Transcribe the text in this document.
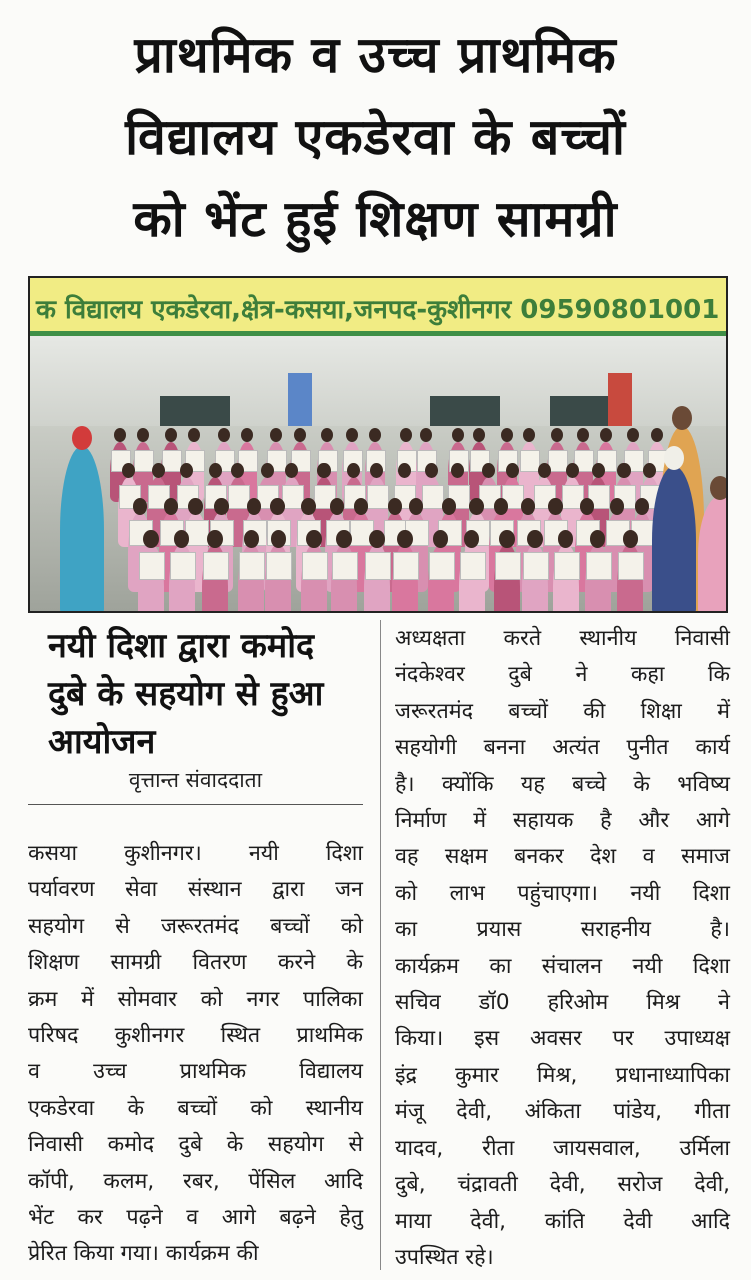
प्राथमिक व उच्च प्राथमिक
विद्यालय एकडेरवा के बच्चों
को भेंट हुई शिक्षण सामग्री
क विद्यालय एकडेरवा,क्षेत्र-कसया,जनपद-कुशीनगर 09590801001
नयी दिशा द्वारा कमोद
दुबे के सहयोग से हुआ
आयोजन
वृत्तान्त संवाददाता
कसया कुशीनगर। नयी दिशा
पर्यावरण सेवा संस्थान द्वारा जन
सहयोग से जरूरतमंद बच्चों को
शिक्षण सामग्री वितरण करने के
क्रम में सोमवार को नगर पालिका
परिषद कुशीनगर स्थित प्राथमिक
व उच्च प्राथमिक विद्यालय
एकडेरवा के बच्चों को स्थानीय
निवासी कमोद दुबे के सहयोग से
कॉपी, कलम, रबर, पेंसिल आदि
भेंट कर पढ़ने व आगे बढ़ने हेतु
प्रेरित किया गया। कार्यक्रम की
अध्यक्षता करते स्थानीय निवासी
नंदकेश्वर दुबे ने कहा कि
जरूरतमंद बच्चों की शिक्षा में
सहयोगी बनना अत्यंत पुनीत कार्य
है। क्योंकि यह बच्चे के भविष्य
निर्माण में सहायक है और आगे
वह सक्षम बनकर देश व समाज
को लाभ पहुंचाएगा। नयी दिशा
का प्रयास सराहनीय है।
कार्यक्रम का संचालन नयी दिशा
सचिव डॉ0 हरिओम मिश्र ने
किया। इस अवसर पर उपाध्यक्ष
इंद्र कुमार मिश्र, प्रधानाध्यापिका
मंजू देवी, अंकिता पांडेय, गीता
यादव, रीता जायसवाल, उर्मिला
दुबे, चंद्रावती देवी, सरोज देवी,
माया देवी, कांति देवी आदि
उपस्थित रहे।
